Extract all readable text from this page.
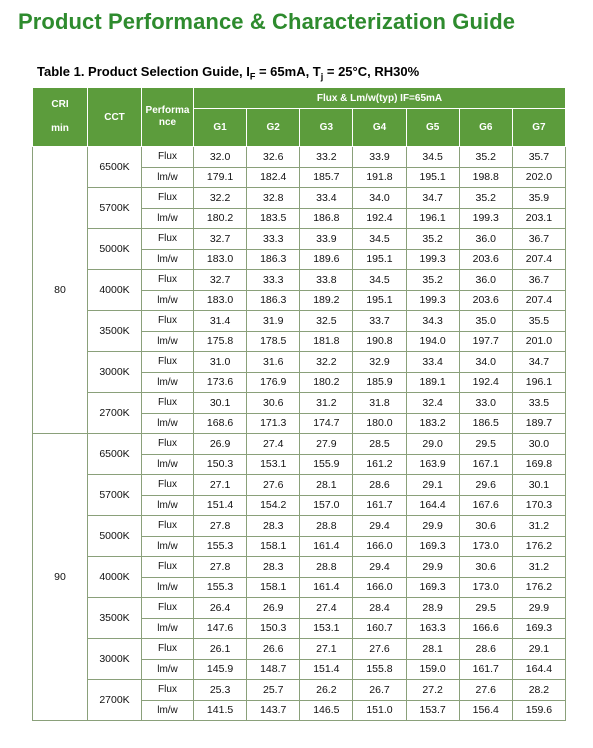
Product Performance & Characterization Guide
Table 1. Product Selection Guide, $I_F = 65mA$, $T_j = 25^\circ C$, RH30%
CRI

min	CCT	Performa nce	Flux & Lm/w(typ) IF=65mA						
			G1	G2	G3	G4	G5	G6	G7
80	6500K	Flux	32.0	32.6	33.2	33.9	34.5	35.2	35.7
		lm/w	179.1	182.4	185.7	191.8	195.1	198.8	202.0
	5700K	Flux	32.2	32.8	33.4	34.0	34.7	35.2	35.9
		lm/w	180.2	183.5	186.8	192.4	196.1	199.3	203.1
	5000K	Flux	32.7	33.3	33.9	34.5	35.2	36.0	36.7
		lm/w	183.0	186.3	189.6	195.1	199.3	203.6	207.4
	4000K	Flux	32.7	33.3	33.8	34.5	35.2	36.0	36.7
		lm/w	183.0	186.3	189.2	195.1	199.3	203.6	207.4
	3500K	Flux	31.4	31.9	32.5	33.7	34.3	35.0	35.5
		lm/w	175.8	178.5	181.8	190.8	194.0	197.7	201.0
	3000K	Flux	31.0	31.6	32.2	32.9	33.4	34.0	34.7
		lm/w	173.6	176.9	180.2	185.9	189.1	192.4	196.1
	2700K	Flux	30.1	30.6	31.2	31.8	32.4	33.0	33.5
		lm/w	168.6	171.3	174.7	180.0	183.2	186.5	189.7
90	6500K	Flux	26.9	27.4	27.9	28.5	29.0	29.5	30.0
		lm/w	150.3	153.1	155.9	161.2	163.9	167.1	169.8
	5700K	Flux	27.1	27.6	28.1	28.6	29.1	29.6	30.1
		lm/w	151.4	154.2	157.0	161.7	164.4	167.6	170.3
	5000K	Flux	27.8	28.3	28.8	29.4	29.9	30.6	31.2
		lm/w	155.3	158.1	161.4	166.0	169.3	173.0	176.2
	4000K	Flux	27.8	28.3	28.8	29.4	29.9	30.6	31.2
		lm/w	155.3	158.1	161.4	166.0	169.3	173.0	176.2
	3500K	Flux	26.4	26.9	27.4	28.4	28.9	29.5	29.9
		lm/w	147.6	150.3	153.1	160.7	163.3	166.6	169.3
	3000K	Flux	26.1	26.6	27.1	27.6	28.1	28.6	29.1
		lm/w	145.9	148.7	151.4	155.8	159.0	161.7	164.4
	2700K	Flux	25.3	25.7	26.2	26.7	27.2	27.6	28.2
		lm/w	141.5	143.7	146.5	151.0	153.7	156.4	159.6
